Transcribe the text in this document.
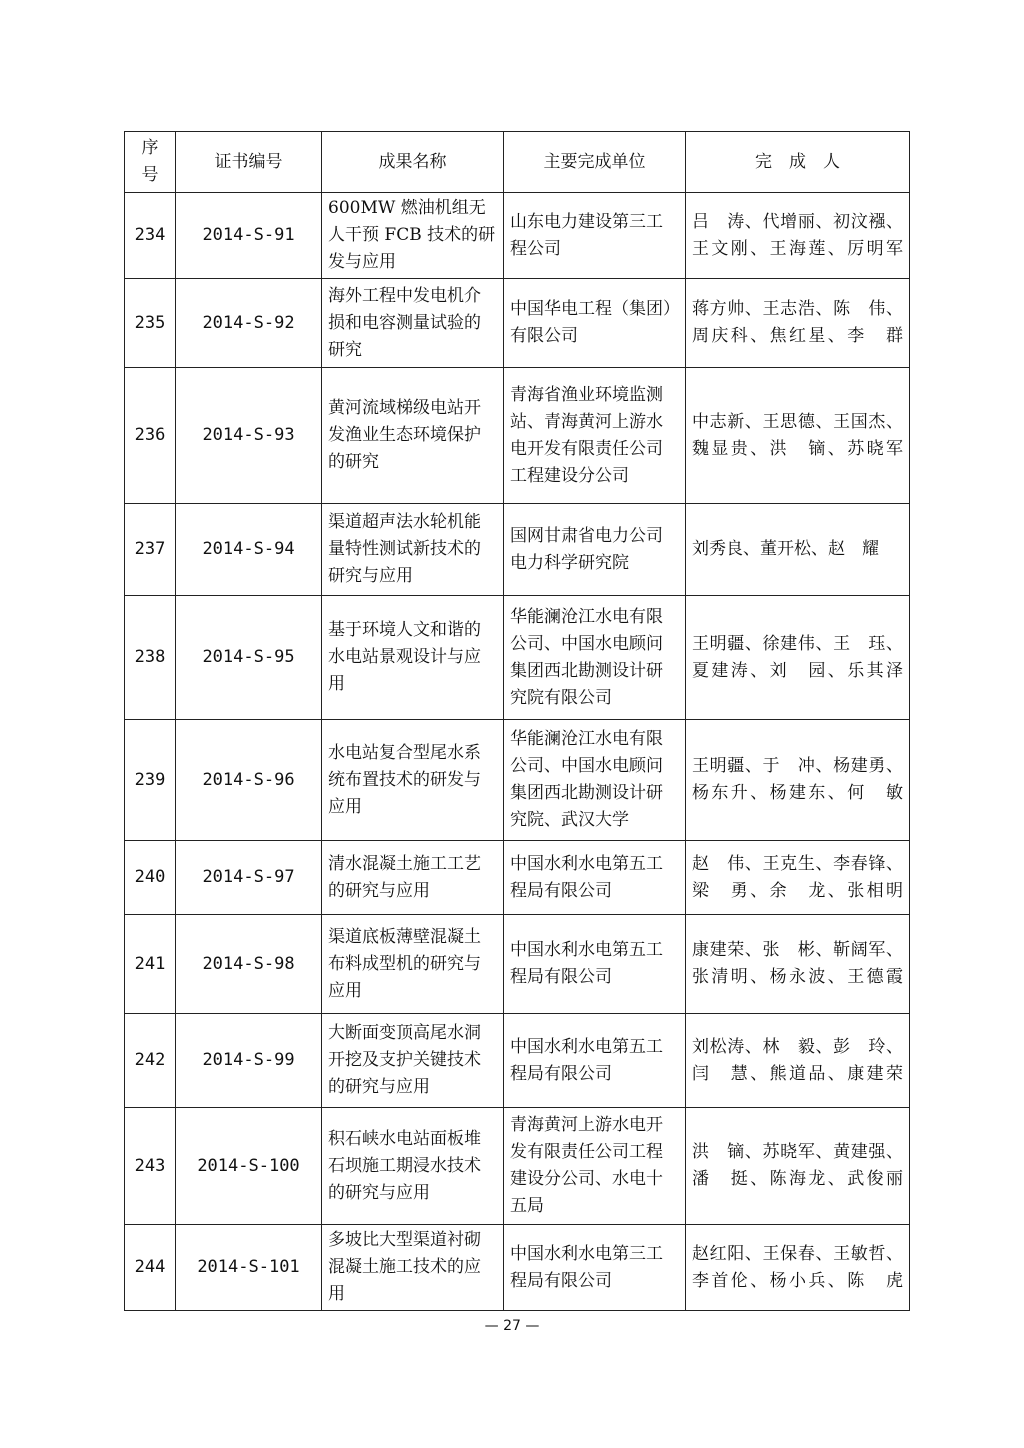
序
号	证书编号	成果名称	主要完成单位	完　成　人
234	2014-S-91	600MW 燃油机组无人干预 FCB 技术的研发与应用	山东电力建设第三工程公司	吕　涛、代增丽、初汶襁、
王文刚、王海莲、厉明军

235	2014-S-92	海外工程中发电机介损和电容测量试验的研究	中国华电工程（集团）有限公司	蒋方帅、王志浩、陈　伟、
周庆科、焦红星、李　群

236	2014-S-93	黄河流域梯级电站开发渔业生态环境保护的研究	青海省渔业环境监测站、青海黄河上游水电开发有限责任公司工程建设分公司	中志新、王思德、王国杰、
魏显贵、洪　镝、苏晓军

237	2014-S-94	渠道超声法水轮机能量特性测试新技术的研究与应用	国网甘肃省电力公司电力科学研究院	刘秀良、董开松、赵　耀

238	2014-S-95	基于环境人文和谐的水电站景观设计与应用	华能澜沧江水电有限公司、中国水电顾问集团西北勘测设计研究院有限公司	王明疆、徐建伟、王　珏、
夏建涛、刘　园、乐其泽

239	2014-S-96	水电站复合型尾水系统布置技术的研发与应用	华能澜沧江水电有限公司、中国水电顾问集团西北勘测设计研究院、武汉大学	王明疆、于　冲、杨建勇、
杨东升、杨建东、何　敏

240	2014-S-97	清水混凝土施工工艺的研究与应用	中国水利水电第五工程局有限公司	赵　伟、王克生、李春锋、
梁　勇、余　龙、张相明

241	2014-S-98	渠道底板薄壁混凝土布料成型机的研究与应用	中国水利水电第五工程局有限公司	康建荣、张　彬、靳阔军、
张清明、杨永波、王德霞

242	2014-S-99	大断面变顶高尾水洞开挖及支护关键技术的研究与应用	中国水利水电第五工程局有限公司	刘松涛、林　毅、彭　玲、
闫　慧、熊道品、康建荣

243	2014-S-100	积石峡水电站面板堆石坝施工期浸水技术的研究与应用	青海黄河上游水电开发有限责任公司工程建设分公司、水电十五局	洪　镝、苏晓军、黄建强、
潘　挺、陈海龙、武俊丽

244	2014-S-101	多坡比大型渠道衬砌混凝土施工技术的应用	中国水利水电第三工程局有限公司	赵红阳、王保春、王敏哲、
李首伦、杨小兵、陈　虎
— 27 —
